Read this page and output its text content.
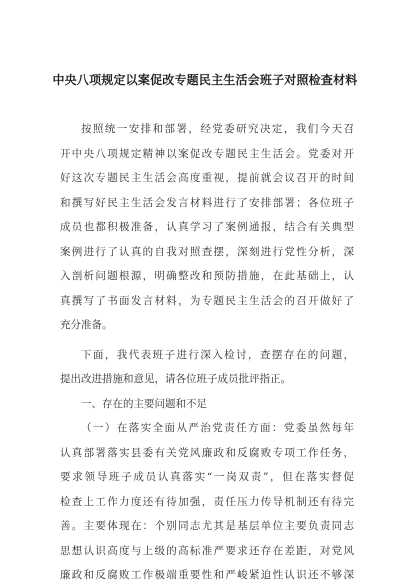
中央八项规定以案促改专题民主生活会班子对照检查材料
按照统一安排和部署，经党委研究决定，我们今天召
开中央八项规定精神以案促改专题民主生活会。党委对开
好这次专题民主生活会高度重视，提前就会议召开的时间
和撰写好民主生活会发言材料进行了安排部署；各位班子
成员也都积极准备，认真学习了案例通报，结合有关典型
案例进行了认真的自我对照查摆，深刻进行党性分析，深
入剖析问题根源，明确整改和预防措施，在此基础上，认
真撰写了书面发言材料，为专题民主生活会的召开做好了
充分准备。
下面，我代表班子进行深入检讨，查摆存在的问题，
提出改进措施和意见，请各位班子成员批评指正。
一、存在的主要问题和不足
（一）在落实全面从严治党责任方面：党委虽然每年
认真部署落实县委有关党风廉政和反腐败专项工作任务，
要求领导班子成员认真落实“一岗双责”，但在落实督促
检查上工作力度还有待加强，责任压力传导机制还有待完
善。主要体现在：个别同志尤其是基层单位主要负责同志
思想认识高度与上级的高标准严要求还存在差距，对党风
廉政和反腐败工作极端重要性和严峻紧迫性认识还不够深
